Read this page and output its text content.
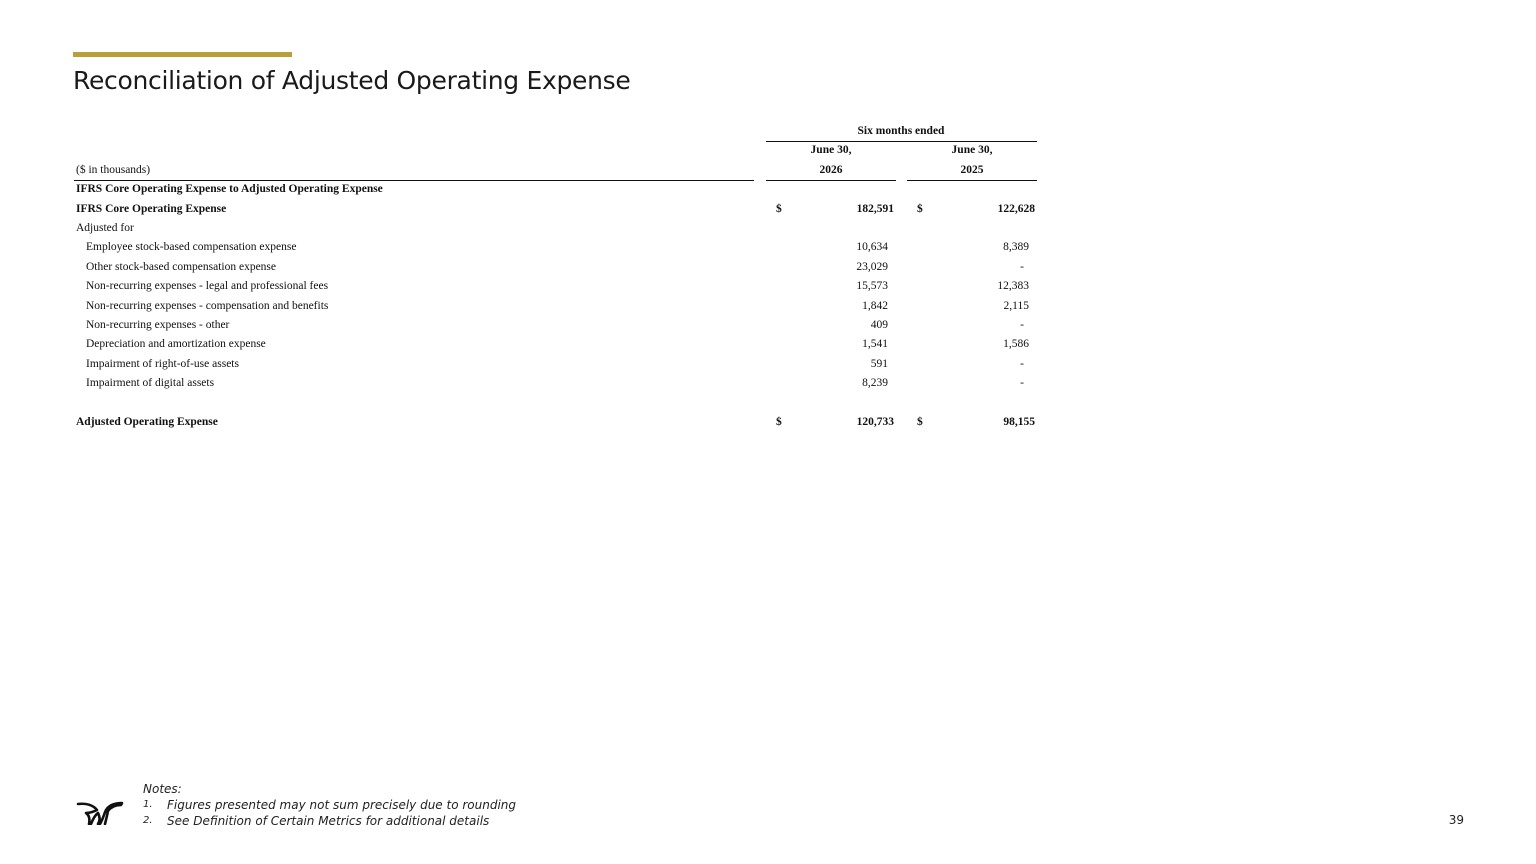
Reconciliation of Adjusted Operating Expense
Six months ended
June 30,	June 30,
($ in thousands)	2026	2025
IFRS Core Operating Expense to Adjusted Operating Expense
IFRS Core Operating Expense	$	182,591 $	122,628
Adjusted for
Employee stock-based compensation expense	10,634	8,389
Other stock-based compensation expense	23,029	-
Non-recurring expenses - legal and professional fees	15,573	12,383
Non-recurring expenses - compensation and benefits	1,842	2,115
Non-recurring expenses - other	409	-
Depreciation and amortization expense	1,541	1,586
Impairment of right-of-use assets	591	-
Impairment of digital assets	8,239	-
Adjusted Operating Expense	$	120,733 $	98,155
Notes:
1. Figures presented may not sum precisely due to rounding
2. See Definition of Certain Metrics for additional details	39
